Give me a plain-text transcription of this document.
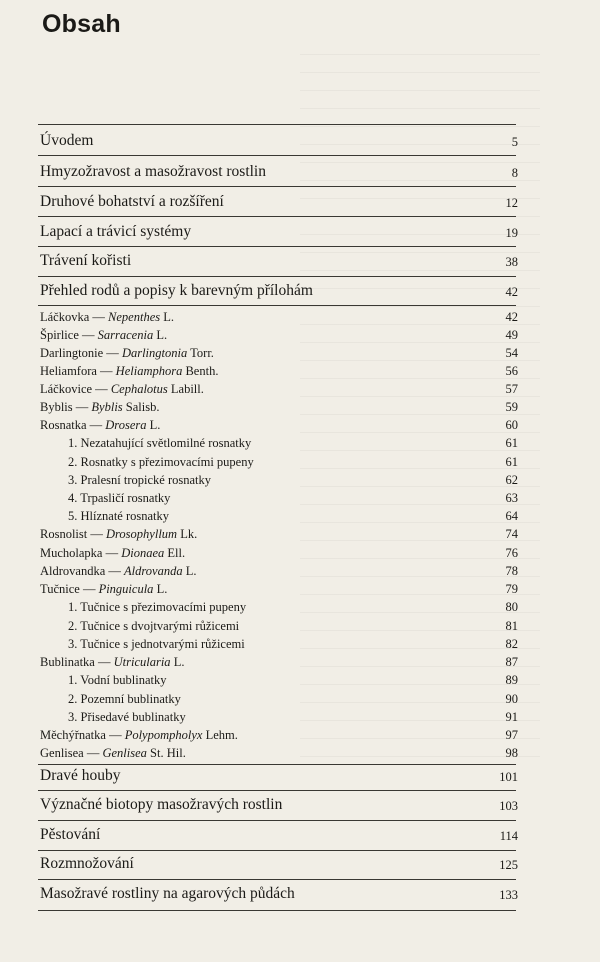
Obsah
Úvodem	5
Hmyzožravost a masožravost rostlin	8
Druhové bohatství a rozšíření	12
Lapací a trávicí systémy	19
Trávení kořisti	38
Přehled rodů a popisy k barevným přílohám	42
Láčkovka — Nepenthes L.	42
Špirlice — Sarracenia L.	49
Darlingtonie — Darlingtonia Torr.	54
Heliamfora — Heliamphora Benth.	56
Láčkovice — Cephalotus Labill.	57
Byblis — Byblis Salisb.	59
Rosnatka — Drosera L.	60
1. Nezatahující světlomilné rosnatky	61
2. Rosnatky s přezimovacími pupeny	61
3. Pralesní tropické rosnatky	62
4. Trpasličí rosnatky	63
5. Hlíznaté rosnatky	64
Rosnolist — Drosophyllum Lk.	74
Mucholapka — Dionaea Ell.	76
Aldrovandka — Aldrovanda L.	78
Tučnice — Pinguicula L.	79
1. Tučnice s přezimovacími pupeny	80
2. Tučnice s dvojtvarými růžicemi	81
3. Tučnice s jednotvarými růžicemi	82
Bublinatka — Utricularia L.	87
1. Vodní bublinatky	89
2. Pozemní bublinatky	90
3. Přisedavé bublinatky	91
Měchýřnatka — Polypompholyx Lehm.	97
Genlisea — Genlisea St. Hil.	98
Dravé houby	101
Význačné biotopy masožravých rostlin	103
Pěstování	114
Rozmnožování	125
Masožravé rostliny na agarových půdách	133
